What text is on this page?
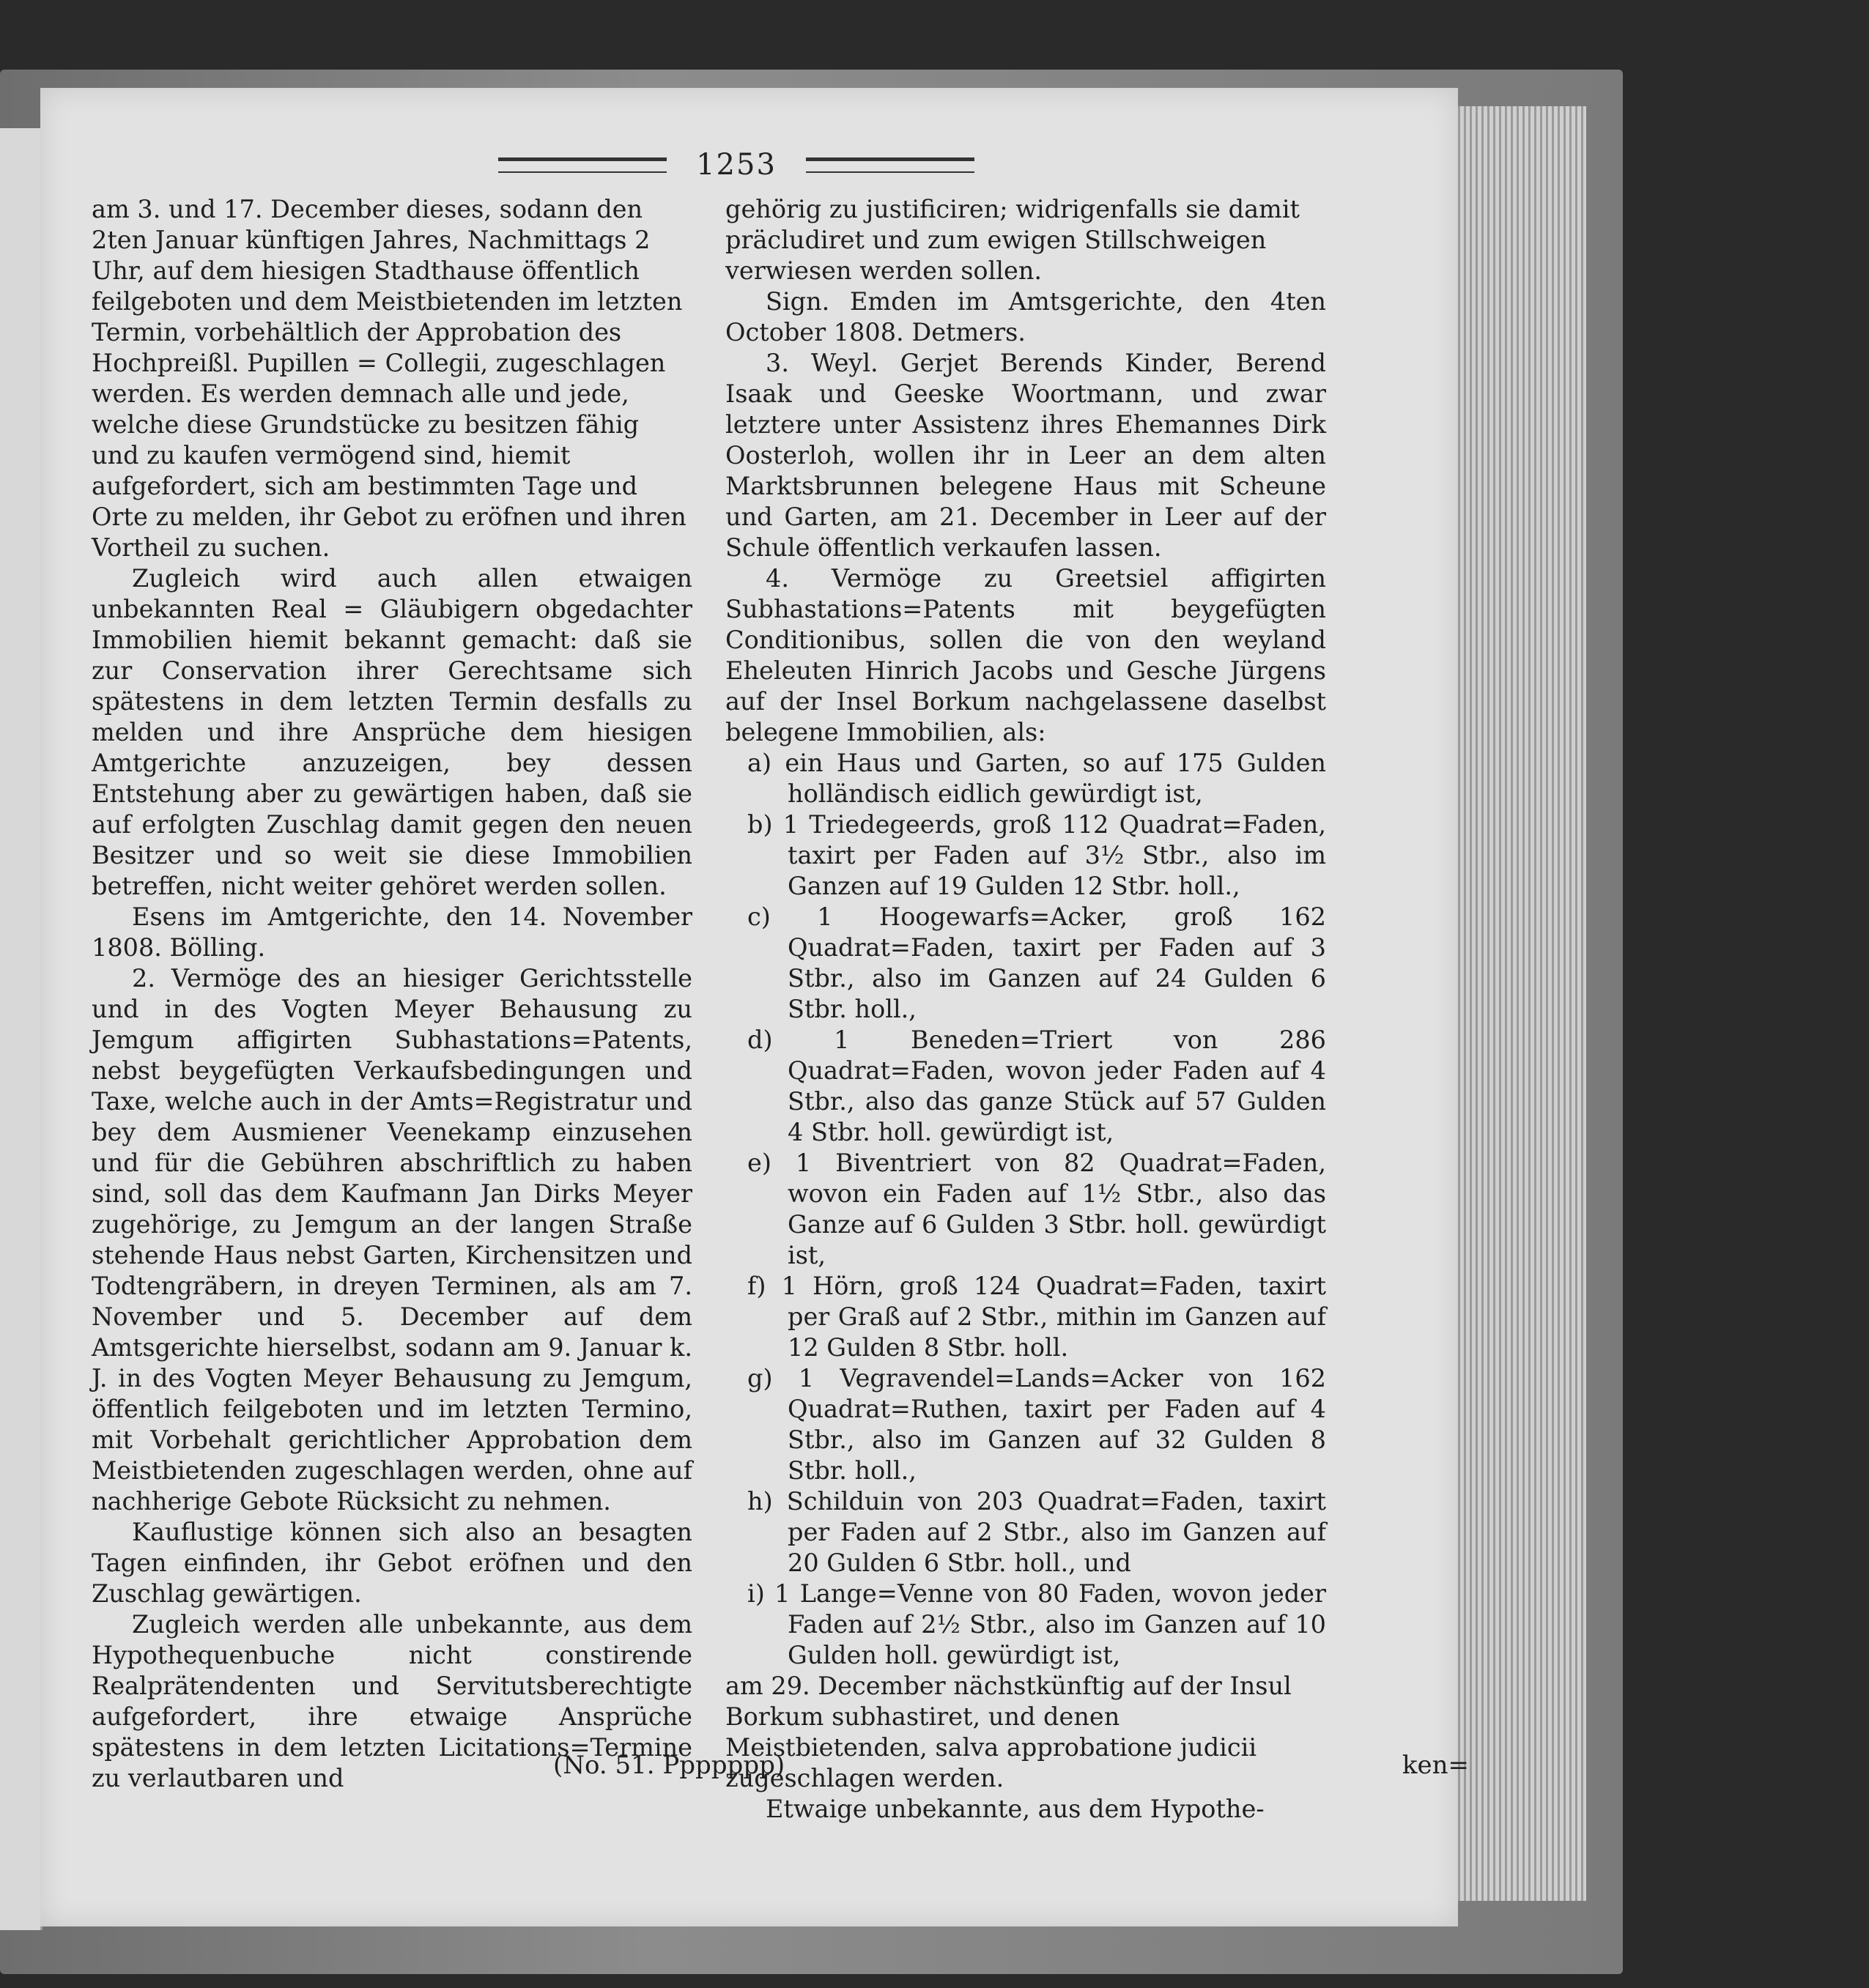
1253

am 3. und 17. December dieses, sodann den 2ten Januar künftigen Jahres, Nachmittags 2 Uhr, auf dem hiesigen Stadthause öffentlich feilgeboten und dem Meistbietenden im letzten Termin, vorbehältlich der Approbation des Hochpreißl. Pupillen = Collegii, zugeschlagen werden. Es werden demnach alle und jede, welche diese Grundstücke zu besitzen fähig und zu kaufen vermögend sind, hiemit aufgefordert, sich am bestimmten Tage und Orte zu melden, ihr Gebot zu eröfnen und ihren Vortheil zu suchen.

Zugleich wird auch allen etwaigen unbekannten Real = Gläubigern obgedachter Immobilien hiemit bekannt gemacht: daß sie zur Conservation ihrer Gerechtsame sich spätestens in dem letzten Termin desfalls zu melden und ihre Ansprüche dem hiesigen Amtgerichte anzuzeigen, bey dessen Entstehung aber zu gewärtigen haben, daß sie auf erfolgten Zuschlag damit gegen den neuen Besitzer und so weit sie diese Immobilien betreffen, nicht weiter gehöret werden sollen.

Esens im Amtgerichte, den 14. November 1808. Bölling.

2. Vermöge des an hiesiger Gerichtsstelle und in des Vogten Meyer Behausung zu Jemgum affigirten Subhastations=Patents, nebst beygefügten Verkaufsbedingungen und Taxe, welche auch in der Amts=Registratur und bey dem Ausmiener Veenekamp einzusehen und für die Gebühren abschriftlich zu haben sind, soll das dem Kaufmann Jan Dirks Meyer zugehörige, zu Jemgum an der langen Straße stehende Haus nebst Garten, Kirchensitzen und Todtengräbern, in dreyen Terminen, als am 7. November und 5. December auf dem Amtsgerichte hierselbst, sodann am 9. Januar k. J. in des Vogten Meyer Behausung zu Jemgum, öffentlich feilgeboten und im letzten Termino, mit Vorbehalt gerichtlicher Approbation dem Meistbietenden zugeschlagen werden, ohne auf nachherige Gebote Rücksicht zu nehmen.

Kauflustige können sich also an besagten Tagen einfinden, ihr Gebot eröfnen und den Zuschlag gewärtigen.

Zugleich werden alle unbekannte, aus dem Hypothequenbuche nicht constirende Realprätendenten und Servitutsberechtigte aufgefordert, ihre etwaige Ansprüche spätestens in dem letzten Licitations=Termine zu verlautbaren und

gehörig zu justificiren; widrigenfalls sie damit präcludiret und zum ewigen Stillschweigen verwiesen werden sollen.

Sign. Emden im Amtsgerichte, den 4ten October 1808. Detmers.

3. Weyl. Gerjet Berends Kinder, Berend Isaak und Geeske Woortmann, und zwar letztere unter Assistenz ihres Ehemannes Dirk Oosterloh, wollen ihr in Leer an dem alten Marktsbrunnen belegene Haus mit Scheune und Garten, am 21. December in Leer auf der Schule öffentlich verkaufen lassen.

4. Vermöge zu Greetsiel affigirten Subhastations=Patents mit beygefügten Conditionibus, sollen die von den weyland Eheleuten Hinrich Jacobs und Gesche Jürgens auf der Insel Borkum nachgelassene daselbst belegene Immobilien, als:

a) ein Haus und Garten, so auf 175 Gulden holländisch eidlich gewürdigt ist,

b) 1 Triedegeerds, groß 112 Quadrat=Faden, taxirt per Faden auf 3½ Stbr., also im Ganzen auf 19 Gulden 12 Stbr. holl.,

c) 1 Hoogewarfs=Acker, groß 162 Quadrat=Faden, taxirt per Faden auf 3 Stbr., also im Ganzen auf 24 Gulden 6 Stbr. holl.,

d) 1 Beneden=Triert von 286 Quadrat=Faden, wovon jeder Faden auf 4 Stbr., also das ganze Stück auf 57 Gulden 4 Stbr. holl. gewürdigt ist,

e) 1 Biventriert von 82 Quadrat=Faden, wovon ein Faden auf 1½ Stbr., also das Ganze auf 6 Gulden 3 Stbr. holl. gewürdigt ist,

f) 1 Hörn, groß 124 Quadrat=Faden, taxirt per Graß auf 2 Stbr., mithin im Ganzen auf 12 Gulden 8 Stbr. holl.

g) 1 Vegravendel=Lands=Acker von 162 Quadrat=Ruthen, taxirt per Faden auf 4 Stbr., also im Ganzen auf 32 Gulden 8 Stbr. holl.,

h) Schilduin von 203 Quadrat=Faden, taxirt per Faden auf 2 Stbr., also im Ganzen auf 20 Gulden 6 Stbr. holl., und

i) 1 Lange=Venne von 80 Faden, wovon jeder Faden auf 2½ Stbr., also im Ganzen auf 10 Gulden holl. gewürdigt ist,

am 29. December nächstkünftig auf der Insul Borkum subhastiret, und denen Meistbietenden, salva approbatione judicii zugeschlagen werden.

Etwaige unbekannte, aus dem Hypothe-

(No. 51. Ppppppp)	ken=
